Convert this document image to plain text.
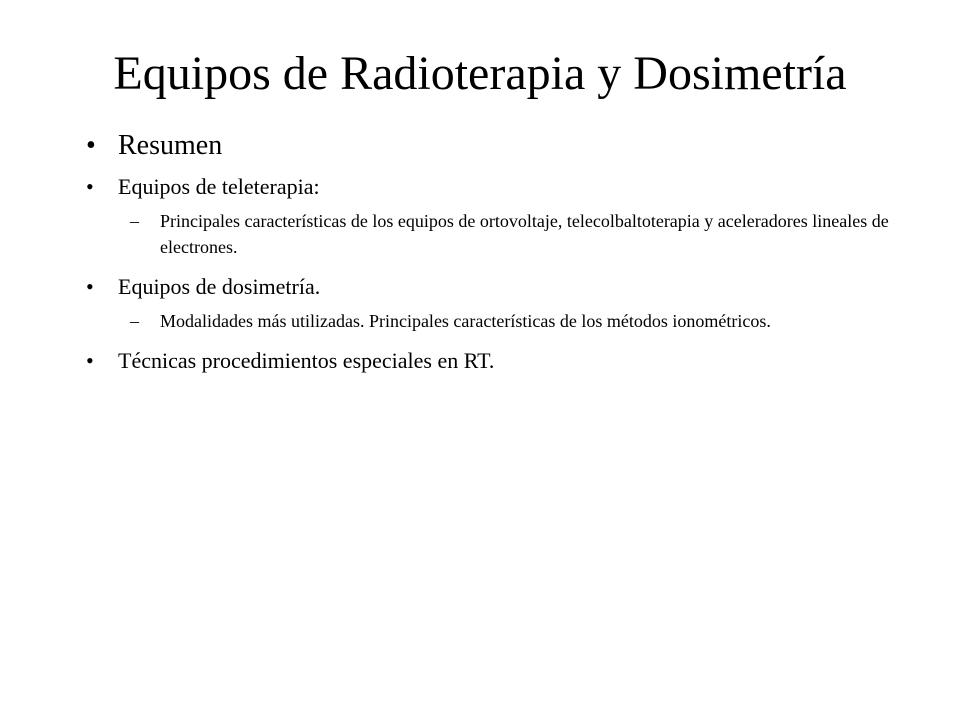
Equipos de Radioterapia y Dosimetría
• Resumen
• Equipos de teleterapia:
– Principales características de los equipos de ortovoltaje, telecolbaltoterapia y aceleradores lineales de electrones.
• Equipos de dosimetría.
– Modalidades más utilizadas. Principales características de los métodos ionométricos.
• Técnicas procedimientos especiales en RT.
